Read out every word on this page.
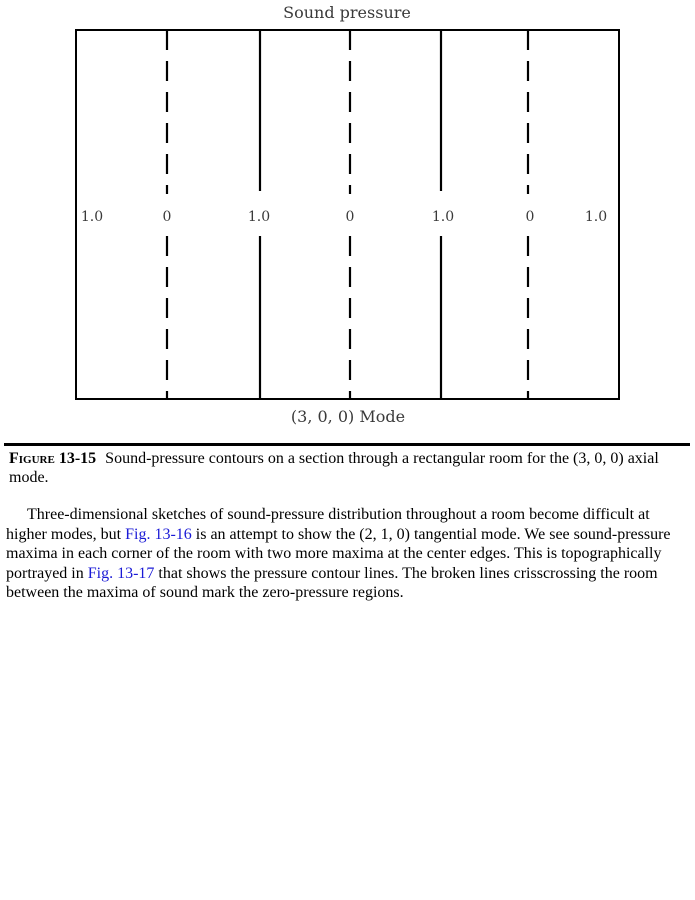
Sound pressure
1.0	0	1.0	0	1.0	0	1.0
(3, 0, 0) Mode
Figure 13-15 Sound-pressure contours on a section through a rectangular room for the (3, 0, 0) axial mode.

Three-dimensional sketches of sound-pressure distribution throughout a room become difficult at higher modes, but Fig. 13-16 is an attempt to show the (2, 1, 0) tangential mode. We see sound-pressure maxima in each corner of the room with two more maxima at the center edges. This is topographically portrayed in Fig. 13-17 that shows the pressure contour lines. The broken lines crisscrossing the room between the maxima of sound mark the zero-pressure regions.
